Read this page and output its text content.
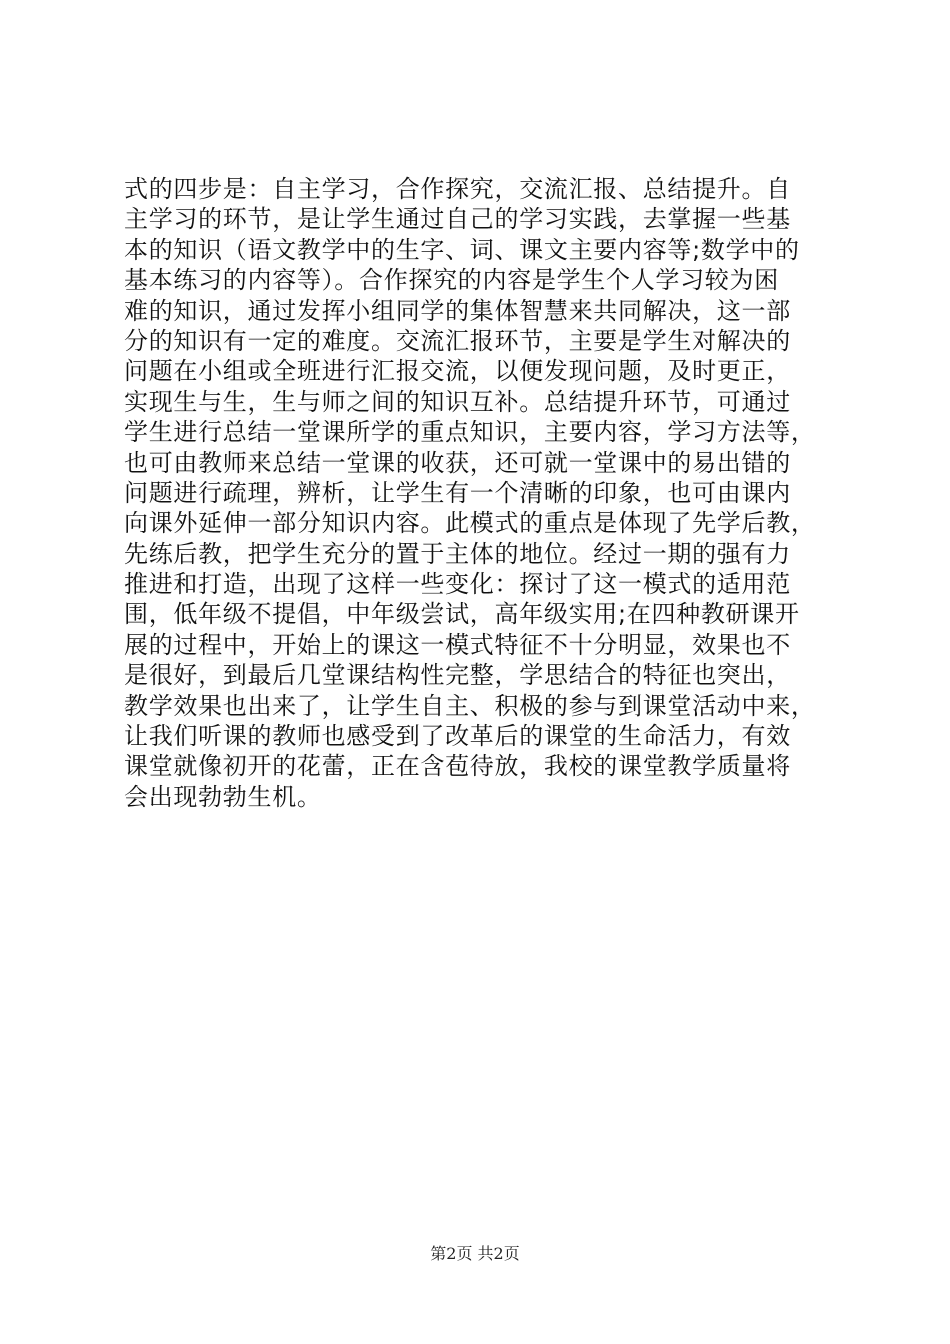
式的四步是：自主学习，合作探究，交流汇报、总结提升。自
主学习的环节，是让学生通过自己的学习实践，去掌握一些基
本的知识（语文教学中的生字、词、课文主要内容等;数学中的
基本练习的内容等）。合作探究的内容是学生个人学习较为困
难的知识，通过发挥小组同学的集体智慧来共同解决，这一部
分的知识有一定的难度。交流汇报环节，主要是学生对解决的
问题在小组或全班进行汇报交流，以便发现问题，及时更正，
实现生与生，生与师之间的知识互补。总结提升环节，可通过
学生进行总结一堂课所学的重点知识，主要内容，学习方法等，
也可由教师来总结一堂课的收获，还可就一堂课中的易出错的
问题进行疏理，辨析，让学生有一个清晰的印象，也可由课内
向课外延伸一部分知识内容。此模式的重点是体现了先学后教，
先练后教，把学生充分的置于主体的地位。经过一期的强有力
推进和打造，出现了这样一些变化：探讨了这一模式的适用范
围，低年级不提倡，中年级尝试，高年级实用;在四种教研课开
展的过程中，开始上的课这一模式特征不十分明显，效果也不
是很好，到最后几堂课结构性完整，学思结合的特征也突出，
教学效果也出来了，让学生自主、积极的参与到课堂活动中来，
让我们听课的教师也感受到了改革后的课堂的生命活力，有效
课堂就像初开的花蕾，正在含苞待放，我校的课堂教学质量将
会出现勃勃生机。
第2页 共2页
